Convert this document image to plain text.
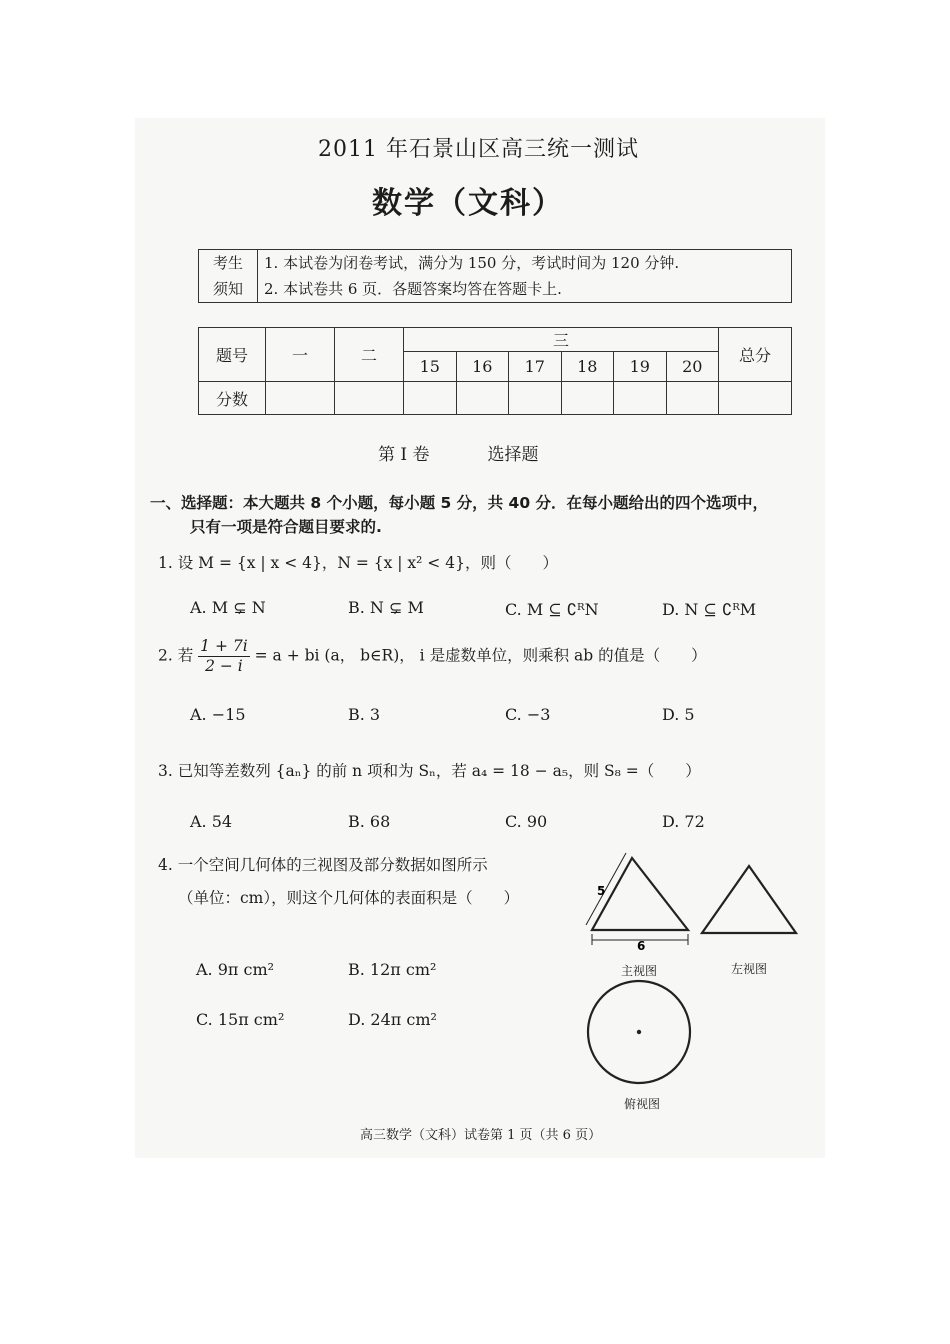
2011 年石景山区高三统一测试
数学（文科）
考生
须知	1. 本试卷为闭卷考试，满分为 150 分，考试时间为 120 分钟.
2. 本试卷共 6 页．各题答案均答在答题卡上.
题号	一	二	三						总分
			15	16	17	18	19	20	
分数									
第 I 卷	选择题
一、选择题：本大题共 8 个小题，每小题 5 分，共 40 分．在每小题给出的四个选项中，
只有一项是符合题目要求的.
1. 设 M = {x | x < 4}，N = {x | x² < 4}，则（　　）
A. M ⊊ N	B. N ⊊ M	C. M ⊆ ∁ᴿN	D. N ⊆ ∁ᴿM
2. 若 $\frac{1 + 7i}{2 - i} = a$ + bi (a， b∈R)， i 是虚数单位，则乘积 ab 的值是（　　）
A. −15	B. 3	C. −3	D. 5
3. 已知等差数列 {aₙ} 的前 n 项和为 Sₙ，若 a₄ = 18 − a₅，则 S₈ =（　　）
A. 54	B. 68	C. 90	D. 72
4. 一个空间几何体的三视图及部分数据如图所示
（单位：cm），则这个几何体的表面积是（　　）
A. 9π cm²	B. 12π cm²
C. 15π cm²	D. 24π cm²
5
6
主视图	左视图
俯视图
高三数学（文科）试卷第 1 页（共 6 页）
